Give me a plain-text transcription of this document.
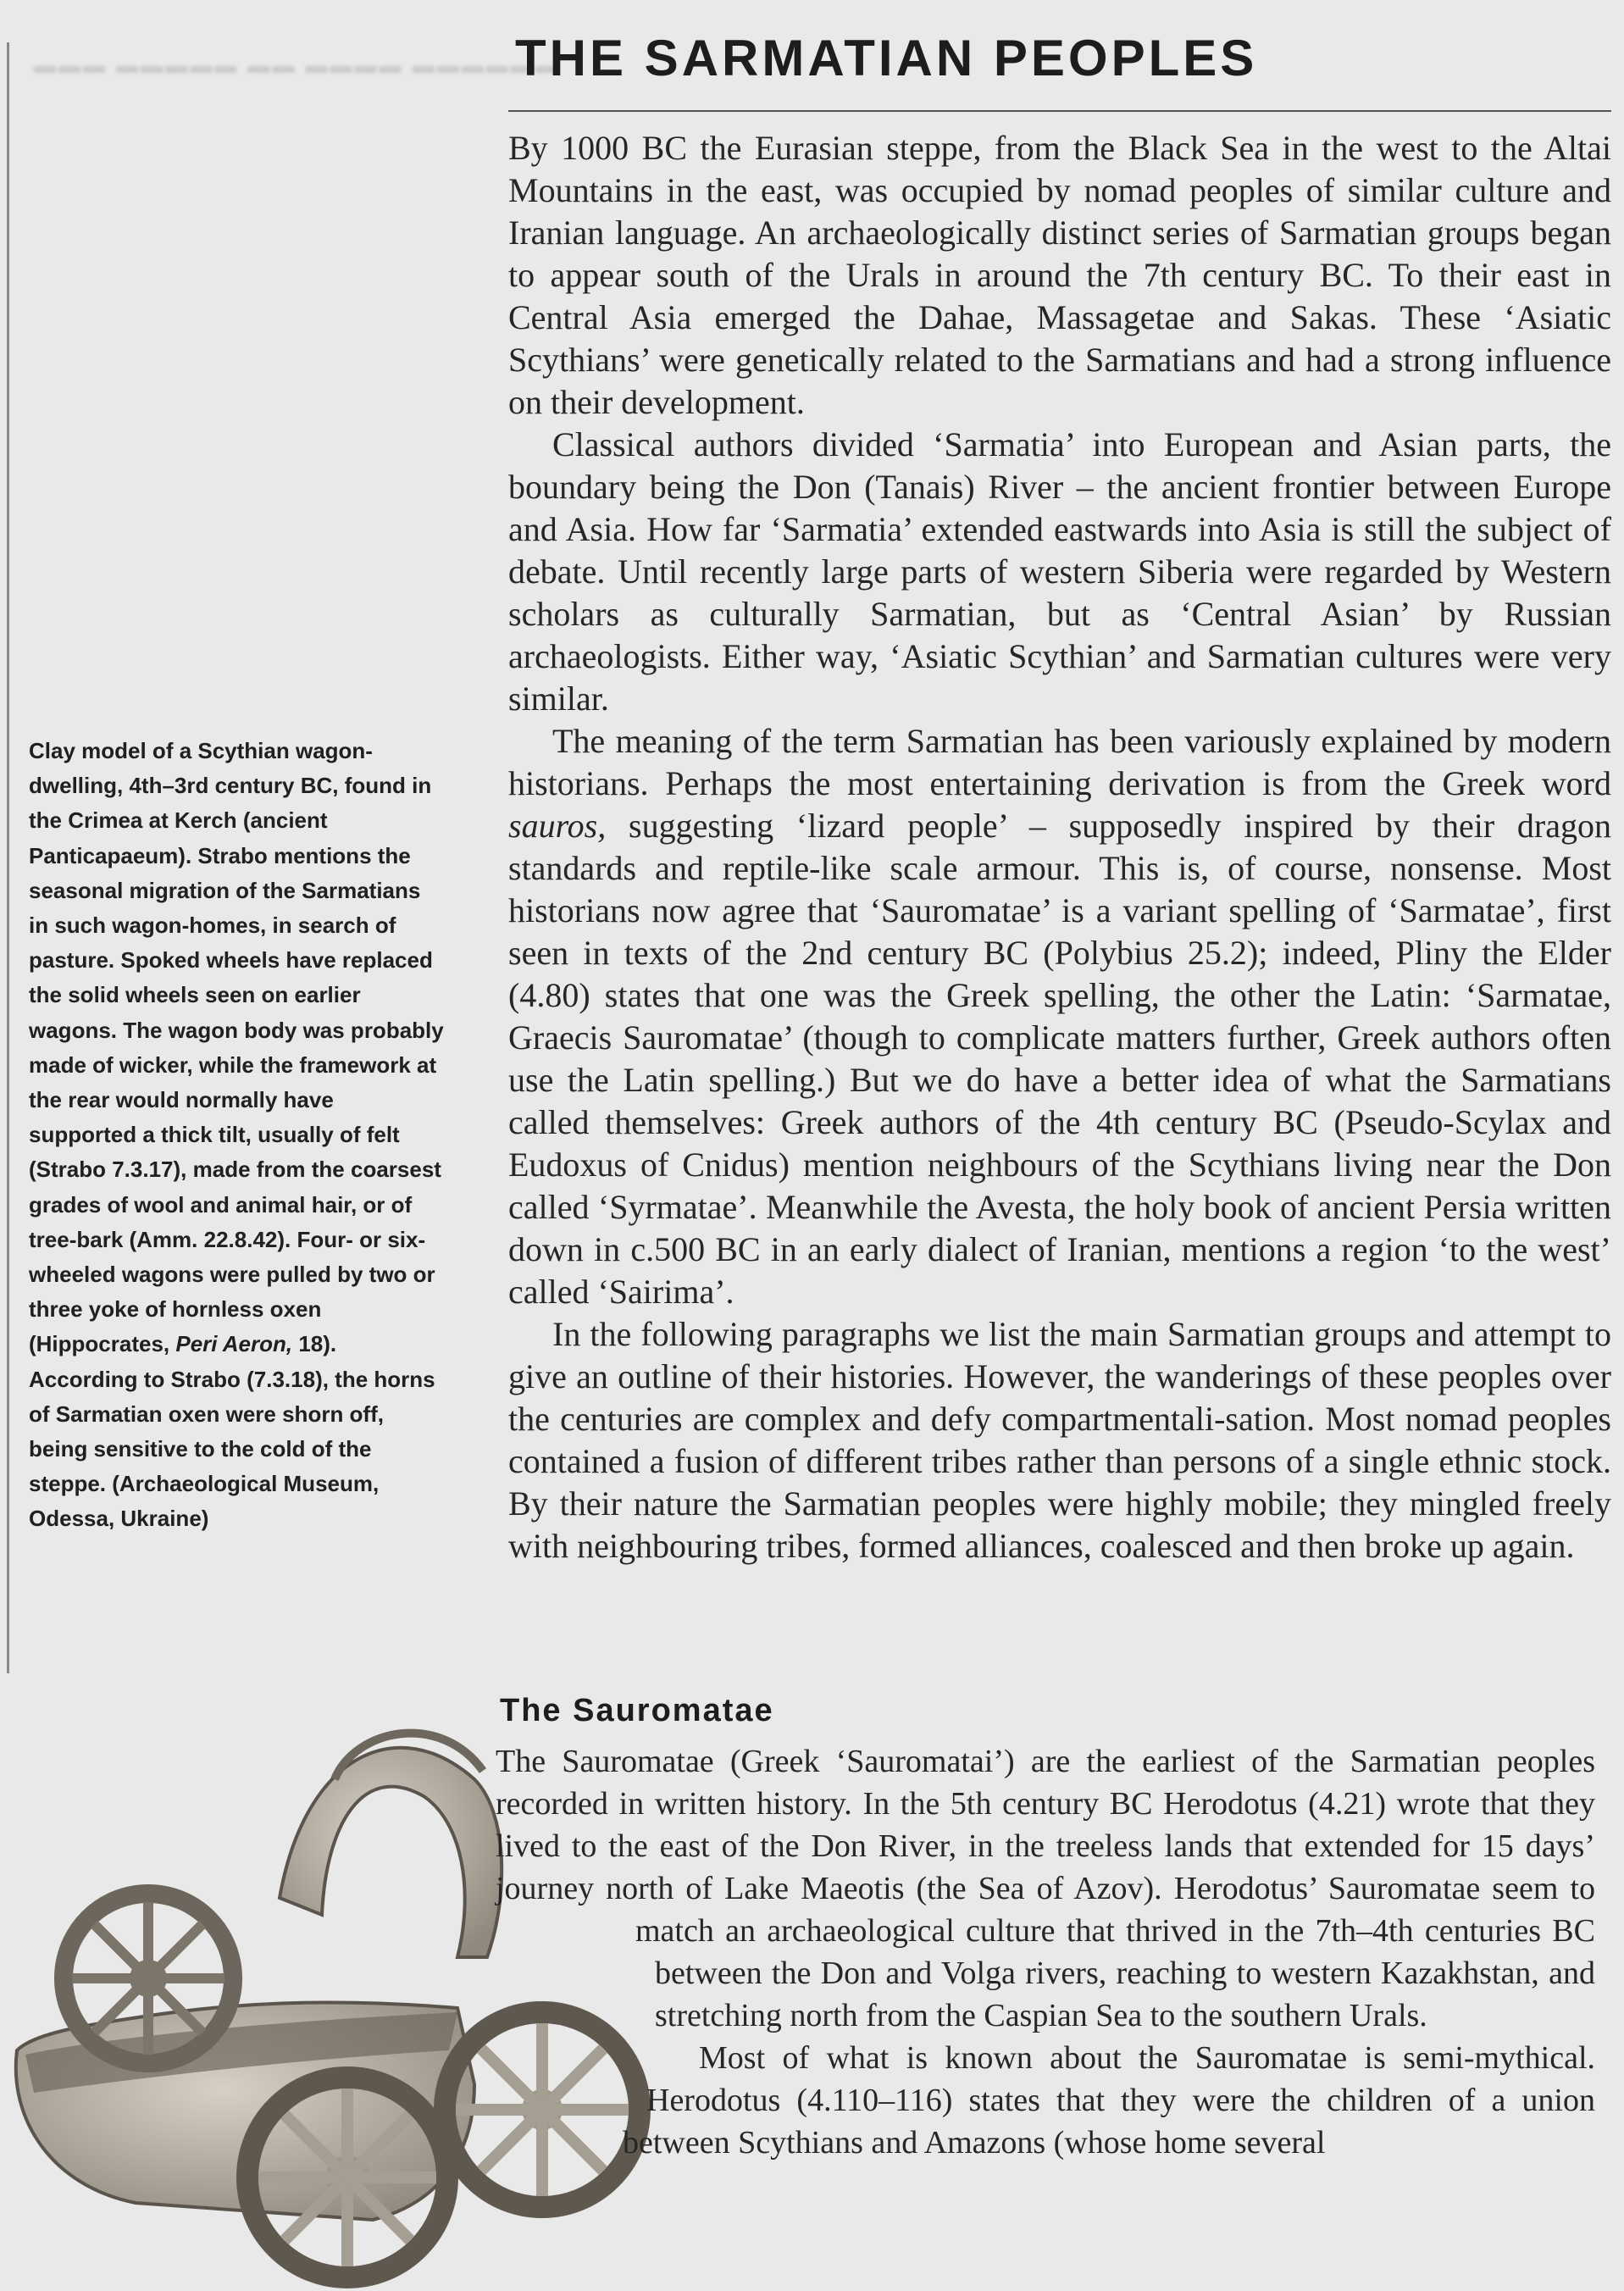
▬▬▬ ▬▬▬▬▬ ▬▬ ▬▬▬▬ ▬▬▬▬▬▬
THE SARMATIAN PEOPLES

By 1000 BC the Eurasian steppe, from the Black Sea in the west to the Altai Mountains in the east, was occupied by nomad peoples of similar culture and Iranian language. An archaeologically distinct series of Sarmatian groups began to appear south of the Urals in around the 7th century BC. To their east in Central Asia emerged the Dahae, Massagetae and Sakas. These ‘Asiatic Scythians’ were genetically related to the Sarmatians and had a strong influence on their development.

Classical authors divided ‘Sarmatia’ into European and Asian parts, the boundary being the Don (Tanais) River – the ancient frontier between Europe and Asia. How far ‘Sarmatia’ extended eastwards into Asia is still the subject of debate. Until recently large parts of western Siberia were regarded by Western scholars as culturally Sarmatian, but as ‘Central Asian’ by Russian archaeologists. Either way, ‘Asiatic Scythian’ and Sarmatian cultures were very similar.

The meaning of the term Sarmatian has been variously explained by modern historians. Perhaps the most entertaining derivation is from the Greek word sauros, suggesting ‘lizard people’ – supposedly inspired by their dragon standards and reptile-like scale armour. This is, of course, nonsense. Most historians now agree that ‘Sauromatae’ is a variant spelling of ‘Sarmatae’, first seen in texts of the 2nd century BC (Polybius 25.2); indeed, Pliny the Elder (4.80) states that one was the Greek spelling, the other the Latin: ‘Sarmatae, Graecis Sauromatae’ (though to complicate matters further, Greek authors often use the Latin spelling.) But we do have a better idea of what the Sarmatians called themselves: Greek authors of the 4th century BC (Pseudo-Scylax and Eudoxus of Cnidus) mention neighbours of the Scythians living near the Don called ‘Syrmatae’. Meanwhile the Avesta, the holy book of ancient Persia written down in c.500 BC in an early dialect of Iranian, mentions a region ‘to the west’ called ‘Sairima’.

In the following paragraphs we list the main Sarmatian groups and attempt to give an outline of their histories. However, the wanderings of these peoples over the centuries are complex and defy compartmentali-sation. Most nomad peoples contained a fusion of different tribes rather than persons of a single ethnic stock. By their nature the Sarmatian peoples were highly mobile; they mingled freely with neighbouring tribes, formed alliances, coalesced and then broke up again.

Clay model of a Scythian wagon-dwelling, 4th–3rd century BC, found in the Crimea at Kerch (ancient Panticapaeum). Strabo mentions the seasonal migration of the Sarmatians in such wagon-homes, in search of pasture. Spoked wheels have replaced the solid wheels seen on earlier wagons. The wagon body was probably made of wicker, while the framework at the rear would normally have supported a thick tilt, usually of felt (Strabo 7.3.17), made from the coarsest grades of wool and animal hair, or of tree-bark (Amm. 22.8.42). Four- or six-wheeled wagons were pulled by two or three yoke of hornless oxen (Hippocrates, Peri Aeron, 18). According to Strabo (7.3.18), the horns of Sarmatian oxen were shorn off, being sensitive to the cold of the steppe. (Archaeological Museum, Odessa, Ukraine)
The Sauromatae

The Sauromatae (Greek ‘Sauromatai’) are the earliest of the Sarmatian peoples recorded in written history. In the 5th century BC Herodotus (4.21) wrote that they lived to the east of the Don River, in the treeless lands that extended for 15 days’ journey north of Lake Maeotis (the Sea of Azov). Herodotus’ Sauromatae seem to match an archaeological culture that thrived in the 7th–4th centuries BC between the Don and Volga rivers, reaching to western Kazakhstan, and stretching north from the Caspian Sea to the southern Urals.

Most of what is known about the Sauromatae is semi-mythical. Herodotus (4.110–116) states that they were the children of a union between Scythians and Amazons (whose home several
